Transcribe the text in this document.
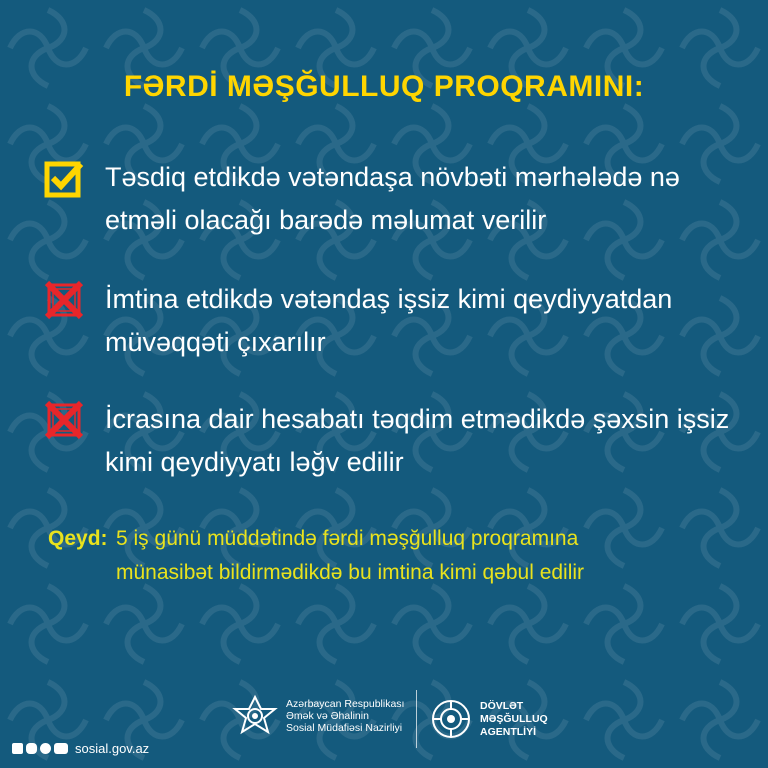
FƏRDİ MƏŞĞULLUQ PROQRAMINI:
Təsdiq etdikdə vətəndaşa növbəti mərhələdə nə etməli olacağı barədə məlumat verilir
İmtina etdikdə vətəndaş işsiz kimi qeydiyyatdan müvəqqəti çıxarılır
İcrasına dair hesabatı təqdim etmədikdə şəxsin işsiz kimi qeydiyyatı ləğv edilir
Qeyd: 5 iş günü müddətində fərdi məşğulluq proqramına
münasibət bildirmədikdə bu imtina kimi qəbul edilir
sosial.gov.az
Azərbaycan Respublikası
Əmək və Əhalinin
Sosial Müdafiəsi Nazirliyi
DÖVLƏT
MƏŞĞULLUQ
AGENTLİYİ
